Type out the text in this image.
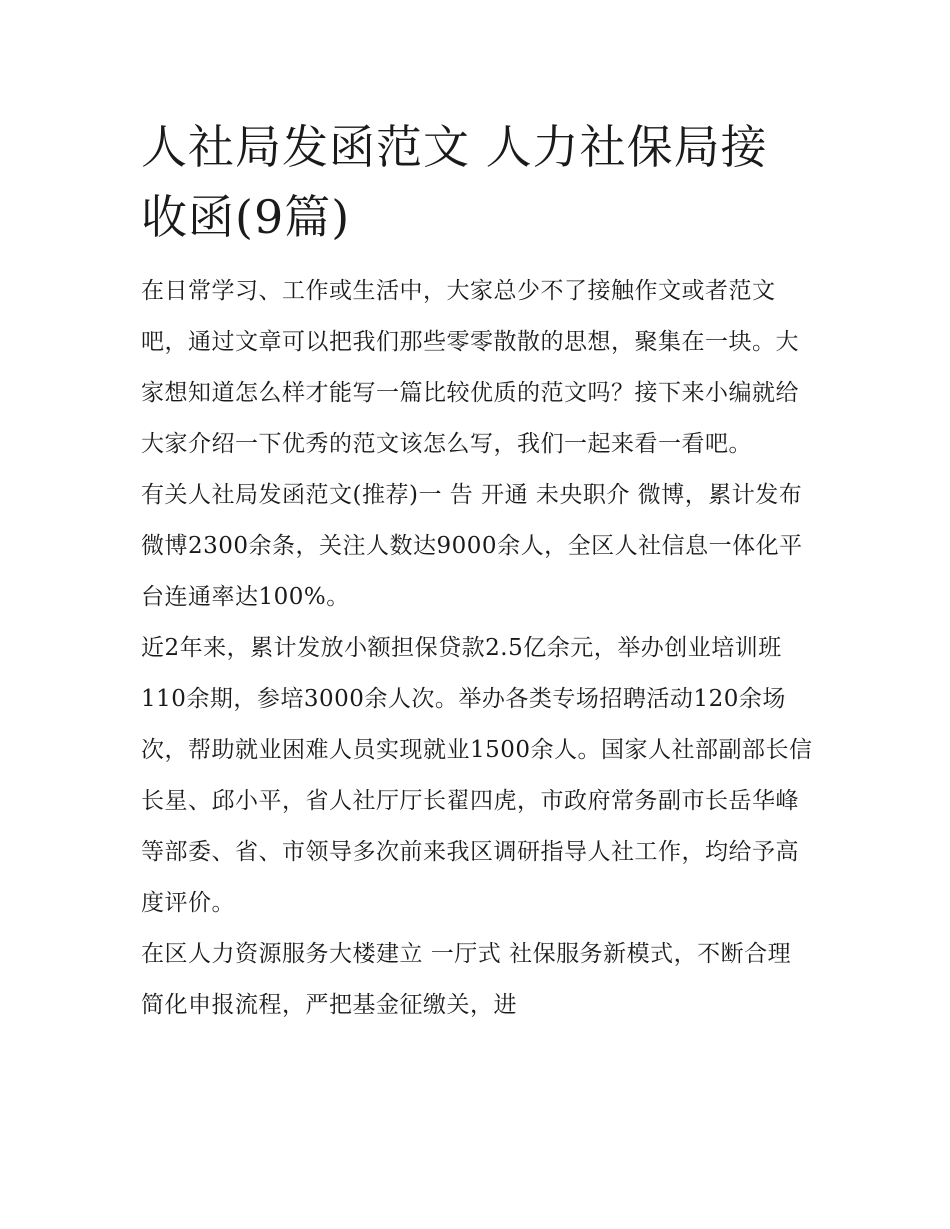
人社局发函范文 人力社保局接收函(9篇)

在日常学习、工作或生活中，大家总少不了接触作文或者范文吧，通过文章可以把我们那些零零散散的思想，聚集在一块。大家想知道怎么样才能写一篇比较优质的范文吗？接下来小编就给大家介绍一下优秀的范文该怎么写，我们一起来看一看吧。

有关人社局发函范文(推荐)一 告 开通 未央职介 微博，累计发布微博2300余条，关注人数达9000余人，全区人社信息一体化平台连通率达100%。

近2年来，累计发放小额担保贷款2.5亿余元，举办创业培训班110余期，参培3000余人次。举办各类专场招聘活动120余场次，帮助就业困难人员实现就业1500余人。国家人社部副部长信长星、邱小平，省人社厅厅长翟四虎，市政府常务副市长岳华峰等部委、省、市领导多次前来我区调研指导人社工作，均给予高度评价。

在区人力资源服务大楼建立 一厅式 社保服务新模式，不断合理简化申报流程，严把基金征缴关，进
